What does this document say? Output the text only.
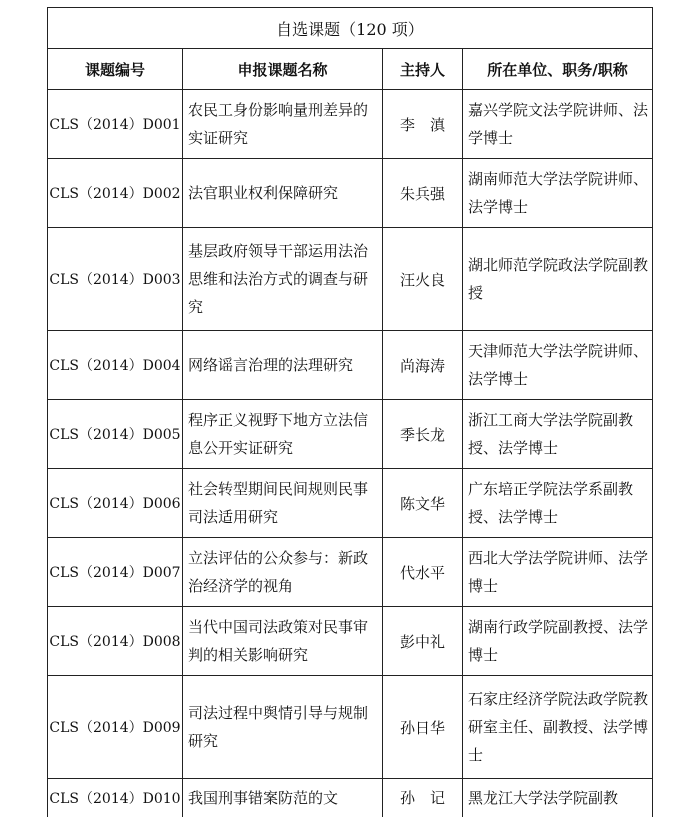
自选课题（120 项）			
课题编号	申报课题名称	主持人	所在单位、职务/职称
CLS（2014）D001	农民工身份影响量刑差异的实证研究	李　滇	嘉兴学院文法学院讲师、法学博士
CLS（2014）D002	法官职业权利保障研究	朱兵强	湖南师范大学法学院讲师、法学博士
CLS（2014）D003	基层政府领导干部运用法治思维和法治方式的调查与研究	汪火良	湖北师范学院政法学院副教授
CLS（2014）D004	网络谣言治理的法理研究	尚海涛	天津师范大学法学院讲师、法学博士
CLS（2014）D005	程序正义视野下地方立法信息公开实证研究	季长龙	浙江工商大学法学院副教授、法学博士
CLS（2014）D006	社会转型期间民间规则民事司法适用研究	陈文华	广东培正学院法学系副教授、法学博士
CLS（2014）D007	立法评估的公众参与：新政治经济学的视角	代水平	西北大学法学院讲师、法学博士
CLS（2014）D008	当代中国司法政策对民事审判的相关影响研究	彭中礼	湖南行政学院副教授、法学博士
CLS（2014）D009	司法过程中舆情引导与规制研究	孙日华	石家庄经济学院法政学院教研室主任、副教授、法学博士
CLS（2014）D010	我国刑事错案防范的文	孙　记	黑龙江大学法学院副教
